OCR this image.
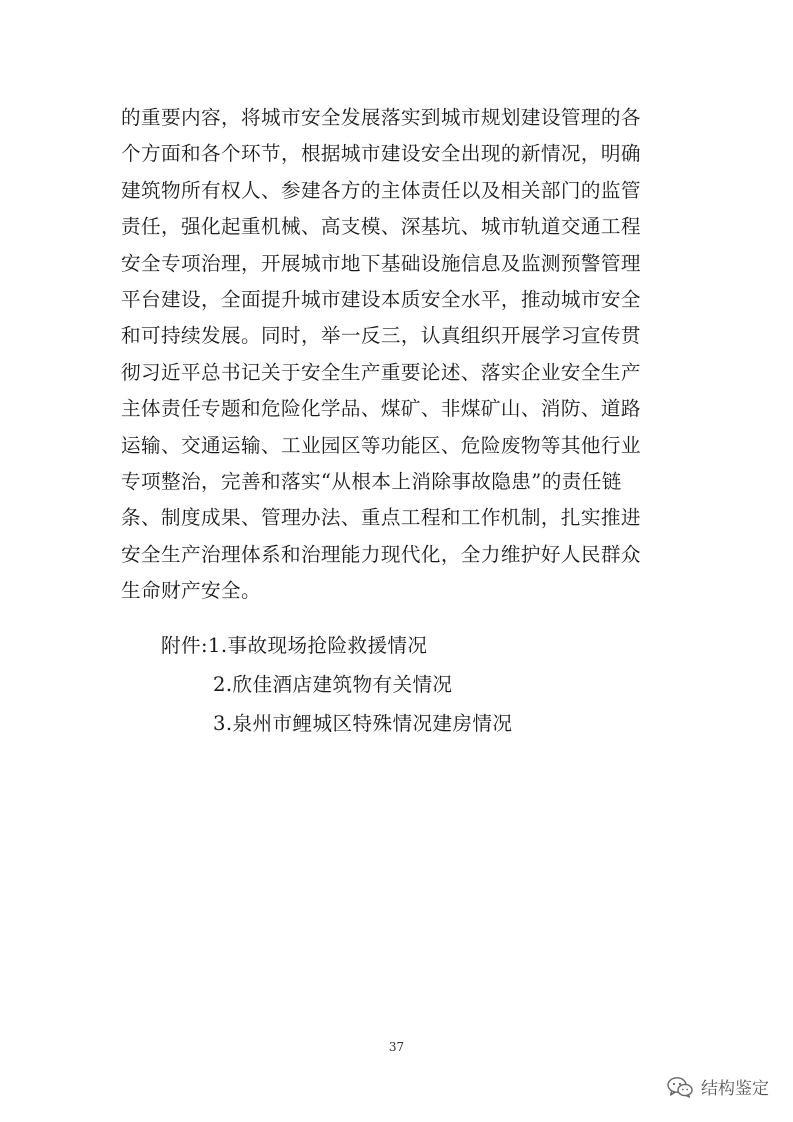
的重要内容，将城市安全发展落实到城市规划建设管理的各
个方面和各个环节，根据城市建设安全出现的新情况，明确
建筑物所有权人、参建各方的主体责任以及相关部门的监管
责任，强化起重机械、高支模、深基坑、城市轨道交通工程
安全专项治理，开展城市地下基础设施信息及监测预警管理
平台建设，全面提升城市建设本质安全水平，推动城市安全
和可持续发展。同时，举一反三，认真组织开展学习宣传贯
彻习近平总书记关于安全生产重要论述、落实企业安全生产
主体责任专题和危险化学品、煤矿、非煤矿山、消防、道路
运输、交通运输、工业园区等功能区、危险废物等其他行业
专项整治，完善和落实“从根本上消除事故隐患”的责任链
条、制度成果、管理办法、重点工程和工作机制，扎实推进
安全生产治理体系和治理能力现代化，全力维护好人民群众
生命财产安全。
附件:1.事故现场抢险救援情况
2.欣佳酒店建筑物有关情况
3.泉州市鲤城区特殊情况建房情况
37
结构鉴定
